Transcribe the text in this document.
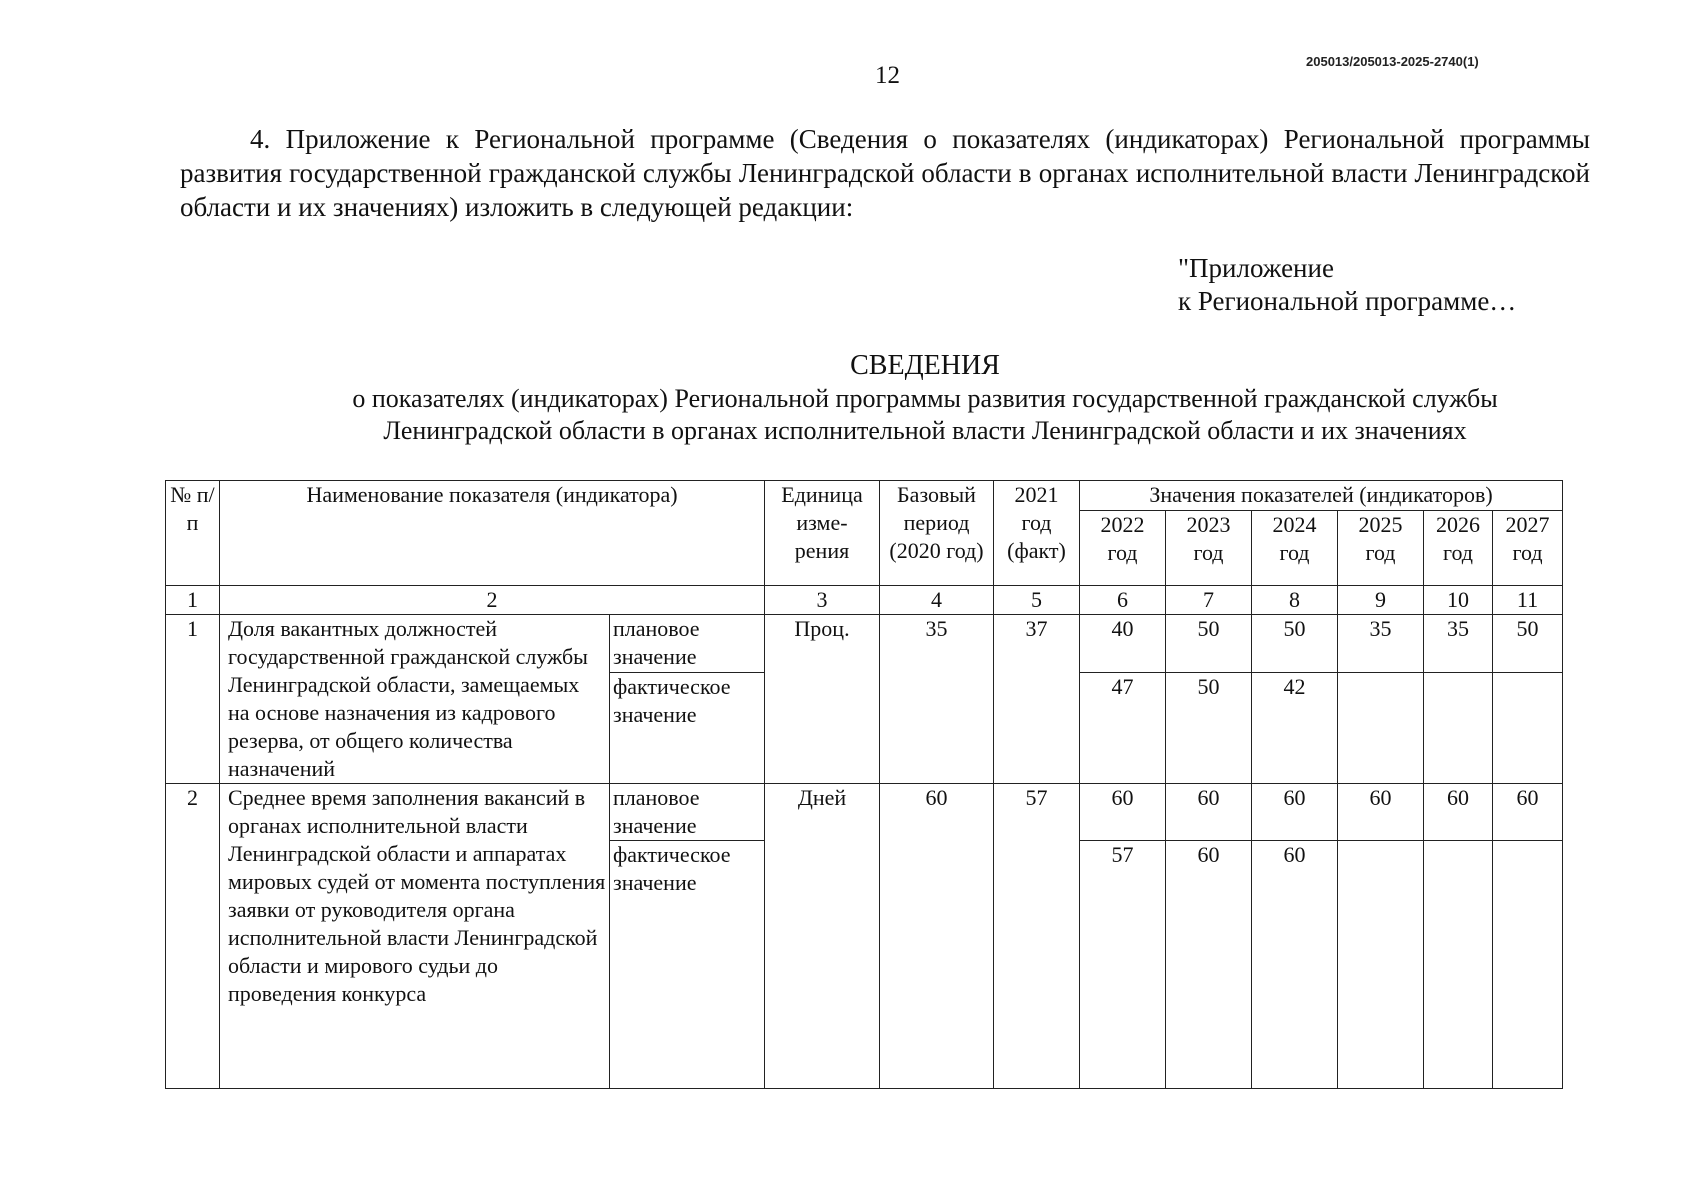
12
205013/205013-2025-2740(1)

4. Приложение к Региональной программе (Сведения о показателях (индикаторах) Региональной программы развития государственной гражданской службы Ленинградской области в органах исполнительной власти Ленинградской области и их значениях) изложить в следующей редакции:

"Приложение
к Региональной программе…
СВЕДЕНИЯ

о показателях (индикаторах) Региональной программы развития государственной гражданской службы Ленинградской области в органах исполнительной власти Ленинградской области и их значениях

№ п/п	Наименование показателя (индикатора)		Единица изме- рения	Базовый период (2020 год)	2021 год (факт)	Значения показателей (индикаторов)					
						2022 год	2023 год	2024 год	2025 год	2026 год	2027 год
1	2		3	4	5	6	7	8	9	10	11
1	Доля вакантных должностей государственной гражданской службы Ленинградской области, замещаемых на основе назначения из кадрового резерва, от общего количества назначений	плановое значение	Проц.	35	37	40	50	50	35	35	50
		фактическое значение				47	50	42			
2	Среднее время заполнения вакансий в органах исполнительной власти Ленинградской области и аппаратах мировых судей от момента поступления заявки от руководителя органа исполнительной власти Ленинградской области и мирового судьи до проведения конкурса	плановое значение	Дней	60	57	60	60	60	60	60	60
		фактическое значение				57	60	60			
